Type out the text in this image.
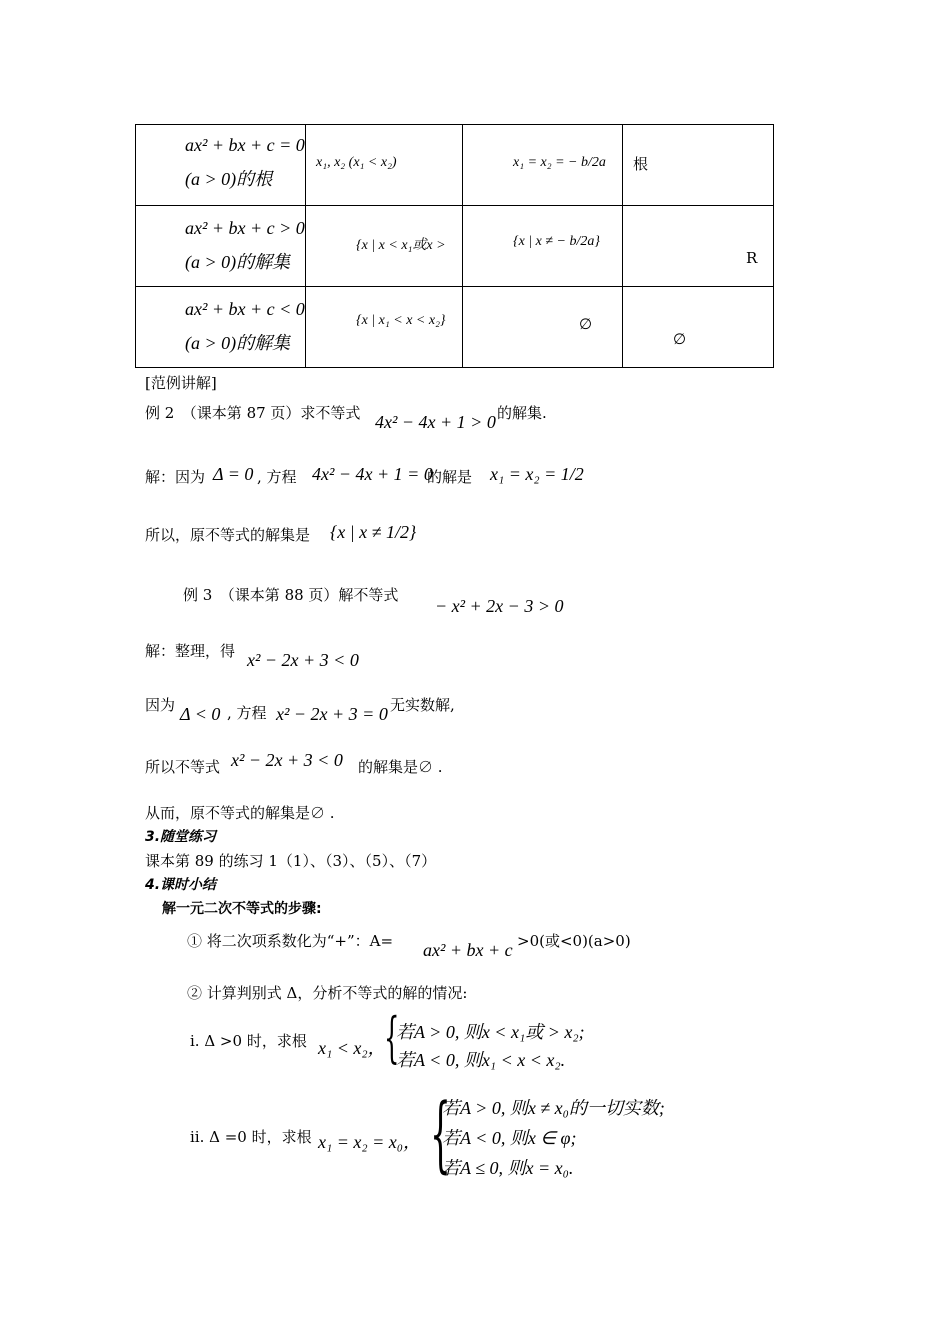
ax² + bx + c = 0
(a > 0)的根	x₁, x₂ (x₁ < x₂)	x₁ = x₂ = − b/2a	根

ax² + bx + c > 0
(a > 0)的解集	{x | x < x₁或x >	{x | x ≠ − b/2a}	R

ax² + bx + c < 0
(a > 0)的解集	{x | x₁ < x < x₂}	∅	∅
[范例讲解]
例 2　（课本第 87 页）求不等式 4x² − 4x + 1 > 0 的解集.
解：因为 Δ = 0 , 方程 4x² − 4x + 1 = 0
的解是 x₁ = x₂ = 1/2
所以，原不等式的解集是 {x | x ≠ 1/2}
例 3　（课本第 88 页）解不等式
− x² + 2x − 3 > 0
解：整理，得 x² − 2x + 3 < 0
因为 Δ < 0 , 方程 x² − 2x + 3 = 0 无实数解,
所以不等式 x² − 2x + 3 < 0 的解集是∅ .
从而，原不等式的解集是∅ .
3.随堂练习
课本第 89 的练习 1（1）、（3）、（5）、（7）
4.课时小结
解一元二次不等式的步骤:
① 将二次项系数化为“+”：A= ax² + bx + c >0(或<0)(a>0)
② 计算判别式 Δ，分析不等式的解的情况:
ⅰ. Δ >0 时，求根 x₁ < x₂，
{
若A > 0, 则x < x₁或 > x₂;
若A < 0, 则x₁ < x < x₂.
ⅱ. Δ =0 时，求根 x₁ = x₂ = x₀， {
若A > 0, 则x ≠ x₀的一切实数;
若A < 0, 则x ∈ φ;
若A ≤ 0, 则x = x₀.
